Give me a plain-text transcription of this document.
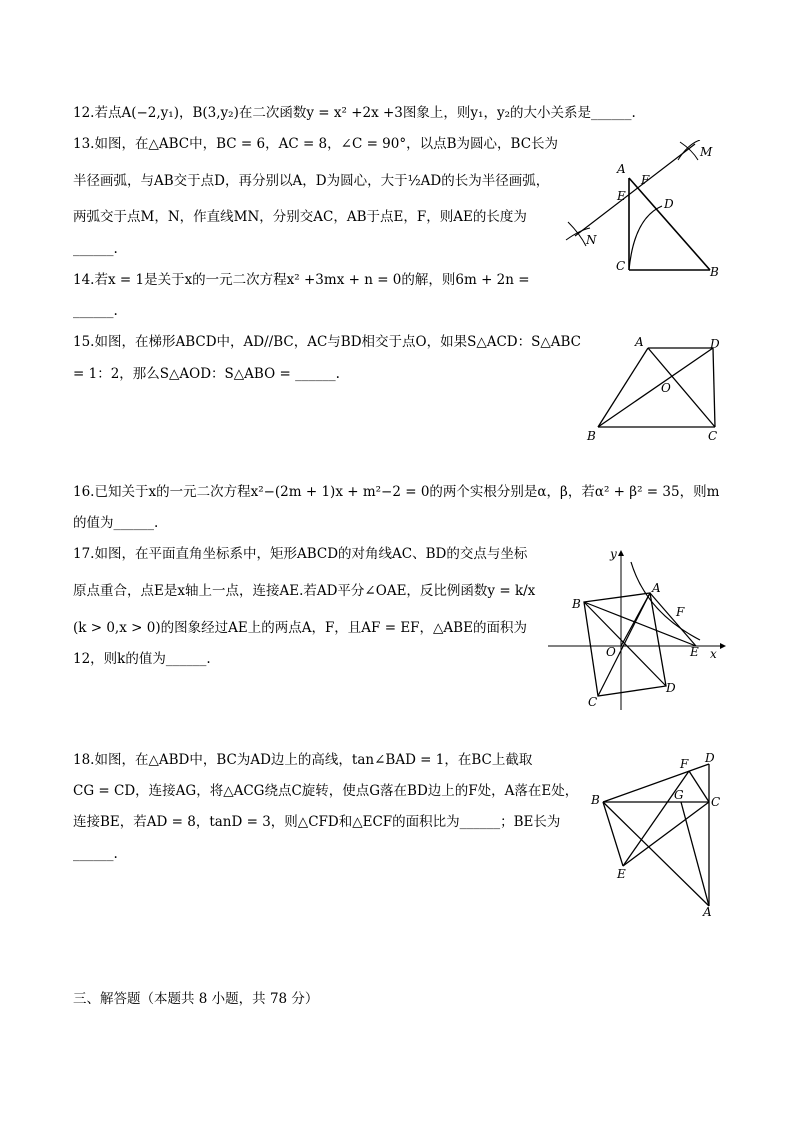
12.若点A(−2,y₁)，B(3,y₂)在二次函数y = x² +2x +3图象上，则y₁，y₂的大小关系是______.
13.如图，在△ABC中，BC = 6，AC = 8，∠C = 90°，以点B为圆心，BC长为
半径画弧，与AB交于点D，再分别以A，D为圆心，大于½AD的长为半径画弧，
两弧交于点M，N，作直线MN，分别交AC，AB于点E，F，则AE的长度为
______.
A
F
E
D
M
N
C	B
14.若x = 1是关于x的一元二次方程x² +3mx + n = 0的解，则6m + 2n =
______.
15.如图，在梯形ABCD中，AD//BC，AC与BD相交于点O，如果S△ACD：S△ABC
= 1：2，那么S△AOD：S△ABO = ______.
A	D
O
B	C
16.已知关于x的一元二次方程x²−(2m + 1)x + m²−2 = 0的两个实根分别是α，β，若α² + β² = 35，则m
的值为______.
17.如图，在平面直角坐标系中，矩形ABCD的对角线AC、BD的交点与坐标
原点重合，点E是x轴上一点，连接AE.若AD平分∠OAE，反比例函数y = k/x
(k > 0,x > 0)的图象经过AE上的两点A，F，且AF = EF，△ABE的面积为
12，则k的值为______.
y
A
B
F
O	E x
D
C
18.如图，在△ABD中，BC为AD边上的高线，tan∠BAD = 1，在BC上截取
CG = CD，连接AG，将△ACG绕点C旋转，使点G落在BD边上的F处，A落在E处，
连接BE，若AD = 8，tanD = 3，则△CFD和△ECF的面积比为______；BE长为
______.
F D
B	G C
E
A
三、解答题（本题共 8 小题，共 78 分）
